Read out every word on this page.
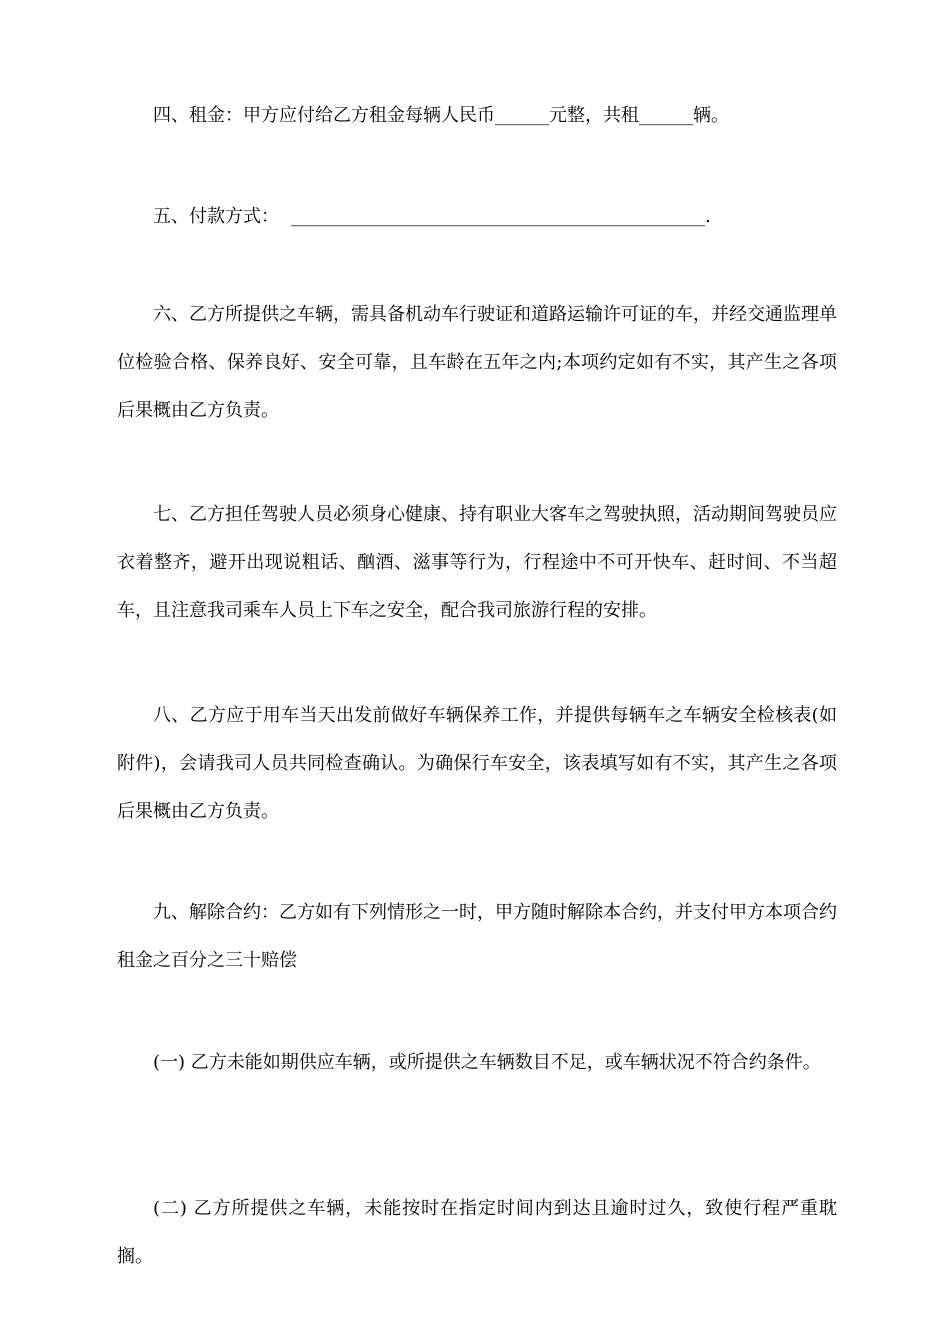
四、租金：甲方应付给乙方租金每辆人民币______元整，共租______辆。

五、付款方式： ______________________________________________.

六、乙方所提供之车辆，需具备机动车行驶证和道路运输许可证的车，并经交通监理单位检验合格、保养良好、安全可靠，且车龄在五年之内;本项约定如有不实，其产生之各项后果概由乙方负责。

七、乙方担任驾驶人员必须身心健康、持有职业大客车之驾驶执照，活动期间驾驶员应衣着整齐，避开出现说粗话、酗酒、滋事等行为，行程途中不可开快车、赶时间、不当超车，且注意我司乘车人员上下车之安全，配合我司旅游行程的安排。

八、乙方应于用车当天出发前做好车辆保养工作，并提供每辆车之车辆安全检核表(如附件)，会请我司人员共同检查确认。为确保行车安全，该表填写如有不实，其产生之各项后果概由乙方负责。

九、解除合约：乙方如有下列情形之一时，甲方随时解除本合约，并支付甲方本项合约租金之百分之三十赔偿

(一) 乙方未能如期供应车辆，或所提供之车辆数目不足，或车辆状况不符合约条件。

(二) 乙方所提供之车辆，未能按时在指定时间内到达且逾时过久，致使行程严重耽搁。
